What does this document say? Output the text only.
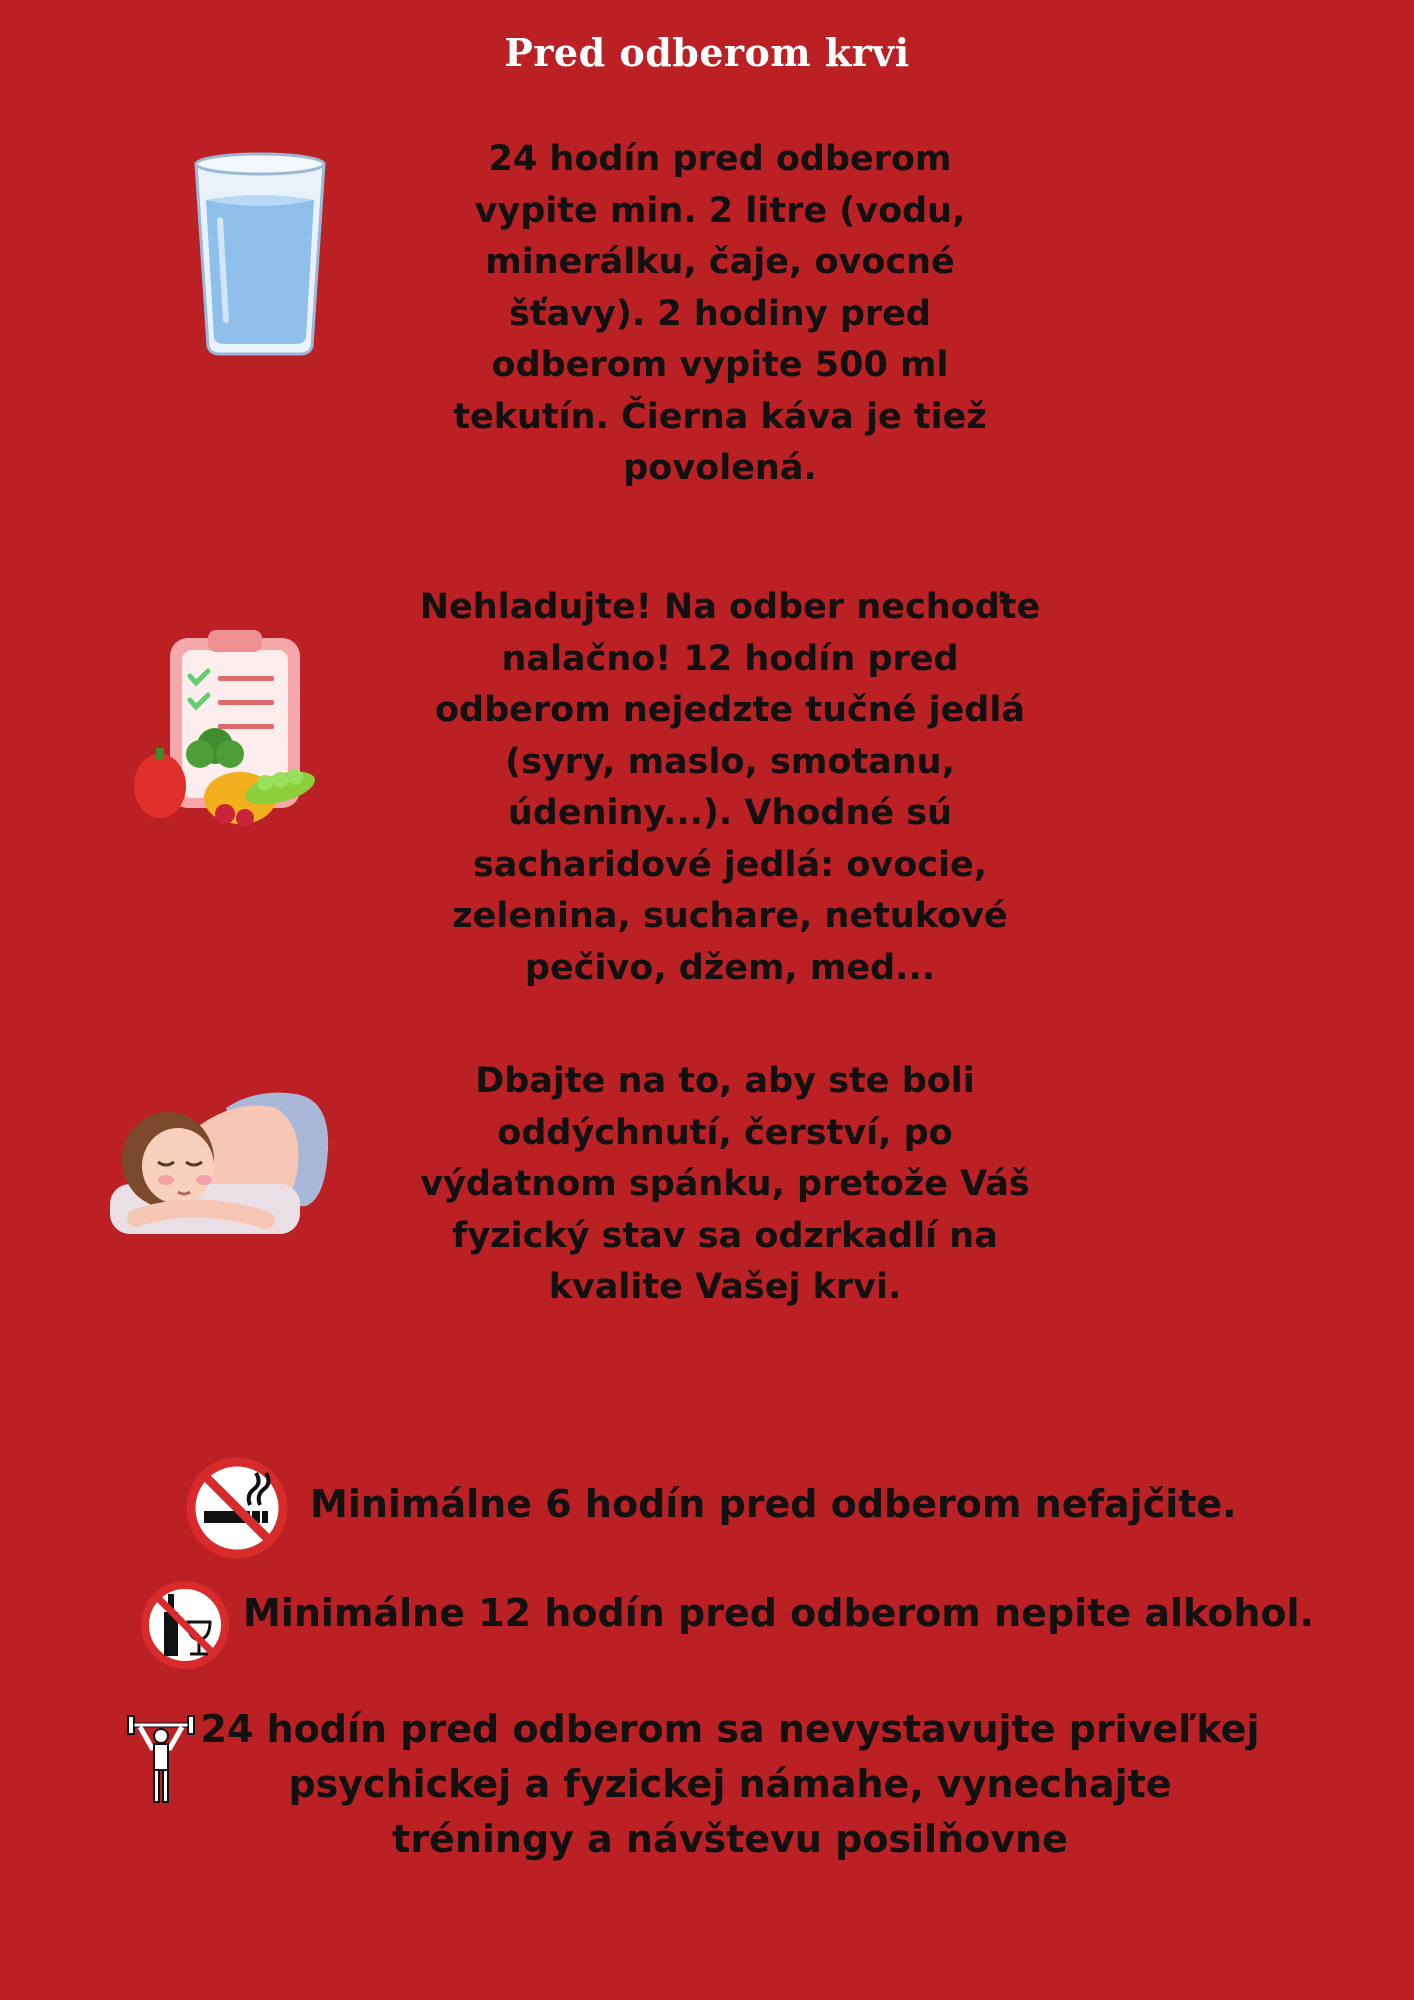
Pred odberom krvi
24 hodín pred odberom vypite min. 2 litre (vodu, minerálku, čaje, ovocné šťavy). 2 hodiny pred odberom vypite 500 ml tekutín. Čierna káva je tiež povolená.
Nehladujte! Na odber nechoďte nalačno! 12 hodín pred odberom nejedzte tučné jedlá (syry, maslo, smotanu, údeniny...). Vhodné sú sacharidové jedlá: ovocie, zelenina, suchare, netukové pečivo, džem, med...
Dbajte na to, aby ste boli oddýchnutí, čerství, po výdatnom spánku, pretože Váš fyzický stav sa odzrkadlí na kvalite Vašej krvi.
Minimálne 6 hodín pred odberom nefajčite.
Minimálne 12 hodín pred odberom nepite alkohol.
24 hodín pred odberom sa nevystavujte priveľkej psychickej a fyzickej námahe, vynechajte tréningy a návštevu posilňovne
